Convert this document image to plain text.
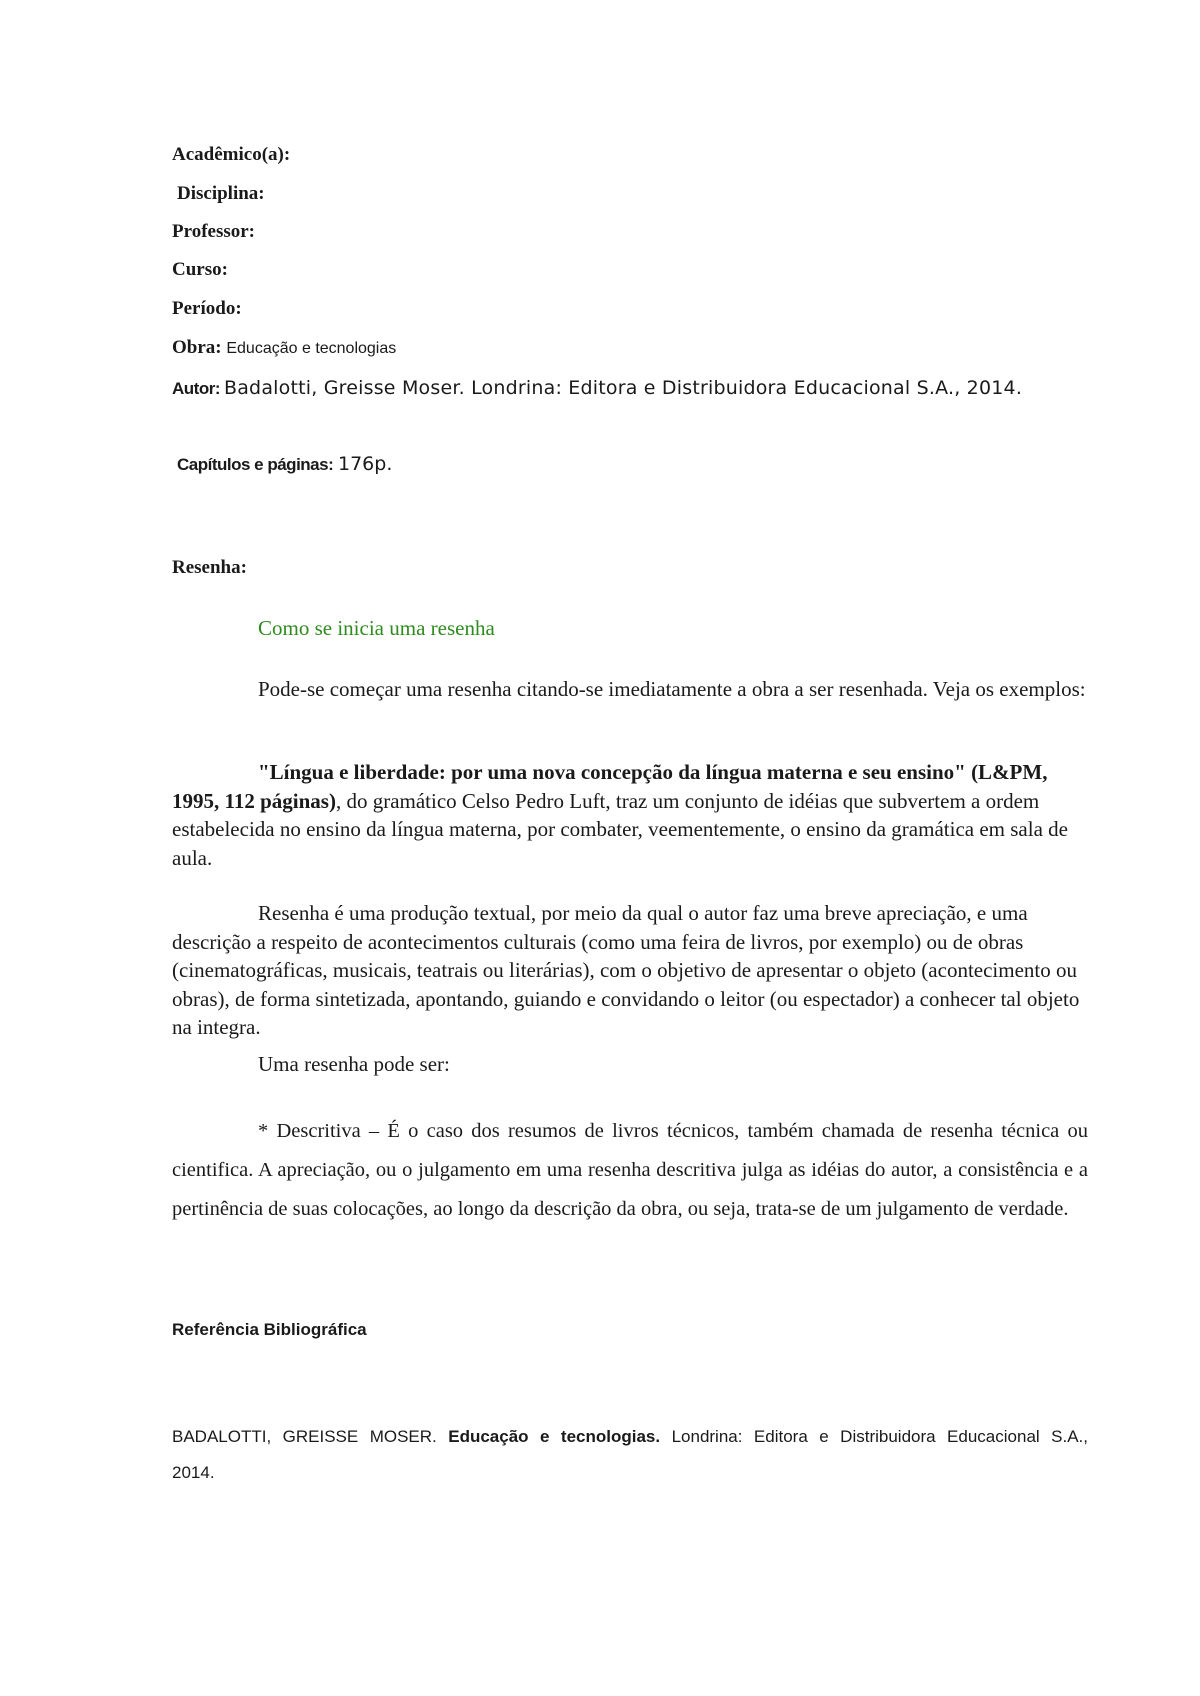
Acadêmico(a):
Disciplina:
Professor:
Curso:
Período:
Obra: Educação e tecnologias
Autor: Badalotti, Greisse Moser. Londrina: Editora e Distribuidora Educacional S.A., 2014.
Capítulos e páginas: 176p.
Resenha:
Como se inicia uma resenha
Pode-se começar uma resenha citando-se imediatamente a obra a ser resenhada. Veja os exemplos:
"Língua e liberdade: por uma nova concepção da língua materna e seu ensino" (L&PM, 1995, 112 páginas), do gramático Celso Pedro Luft, traz um conjunto de idéias que subvertem a ordem estabelecida no ensino da língua materna, por combater, veementemente, o ensino da gramática em sala de aula.
Resenha é uma produção textual, por meio da qual o autor faz uma breve apreciação, e uma descrição a respeito de acontecimentos culturais (como uma feira de livros, por exemplo) ou de obras (cinematográficas, musicais, teatrais ou literárias), com o objetivo de apresentar o objeto (acontecimento ou obras), de forma sintetizada, apontando, guiando e convidando o leitor (ou espectador) a conhecer tal objeto na integra.
Uma resenha pode ser:
* Descritiva – É o caso dos resumos de livros técnicos, também chamada de resenha técnica ou cientifica. A apreciação, ou o julgamento em uma resenha descritiva julga as idéias do autor, a consistência e a pertinência de suas colocações, ao longo da descrição da obra, ou seja, trata-se de um julgamento de verdade.
Referência Bibliográfica
BADALOTTI, GREISSE MOSER. Educação e tecnologias. Londrina: Editora e Distribuidora Educacional S.A., 2014.
